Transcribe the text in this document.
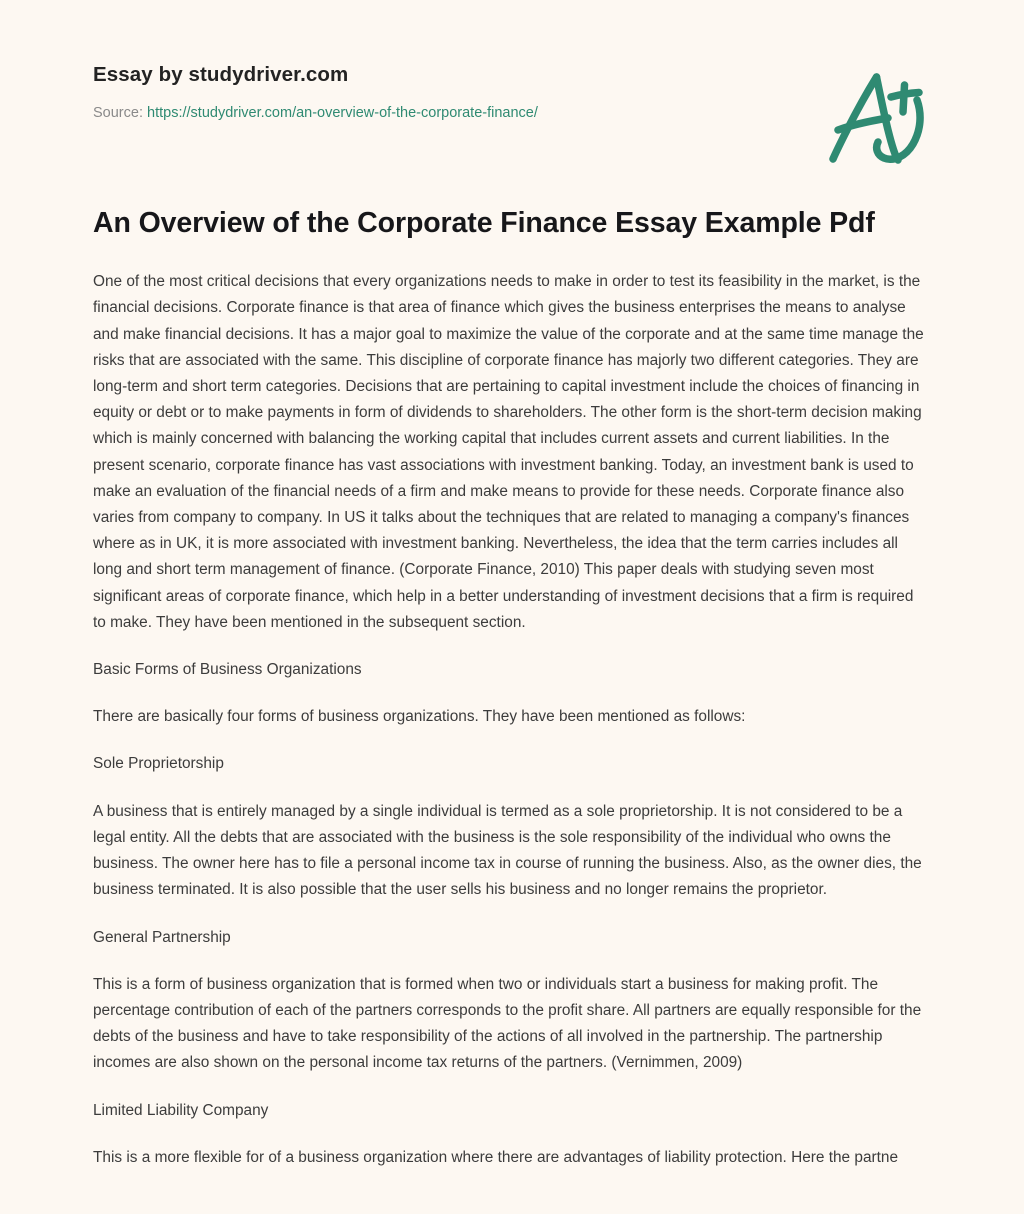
Essay by studydriver.com
Source: https://studydriver.com/an-overview-of-the-corporate-finance/
An Overview of the Corporate Finance Essay Example Pdf

One of the most critical decisions that every organizations needs to make in order to test its feasibility in the market, is the financial decisions. Corporate finance is that area of finance which gives the business enterprises the means to analyse and make financial decisions. It has a major goal to maximize the value of the corporate and at the same time manage the risks that are associated with the same. This discipline of corporate finance has majorly two different categories. They are long-term and short term categories. Decisions that are pertaining to capital investment include the choices of financing in equity or debt or to make payments in form of dividends to shareholders. The other form is the short-term decision making which is mainly concerned with balancing the working capital that includes current assets and current liabilities. In the present scenario, corporate finance has vast associations with investment banking. Today, an investment bank is used to make an evaluation of the financial needs of a firm and make means to provide for these needs. Corporate finance also varies from company to company. In US it talks about the techniques that are related to managing a company's finances where as in UK, it is more associated with investment banking. Nevertheless, the idea that the term carries includes all long and short term management of finance. (Corporate Finance, 2010) This paper deals with studying seven most significant areas of corporate finance, which help in a better understanding of investment decisions that a firm is required to make. They have been mentioned in the subsequent section.

Basic Forms of Business Organizations

There are basically four forms of business organizations. They have been mentioned as follows:

Sole Proprietorship

A business that is entirely managed by a single individual is termed as a sole proprietorship. It is not considered to be a legal entity. All the debts that are associated with the business is the sole responsibility of the individual who owns the business. The owner here has to file a personal income tax in course of running the business. Also, as the owner dies, the business terminated. It is also possible that the user sells his business and no longer remains the proprietor.

General Partnership

This is a form of business organization that is formed when two or individuals start a business for making profit. The percentage contribution of each of the partners corresponds to the profit share. All partners are equally responsible for the debts of the business and have to take responsibility of the actions of all involved in the partnership. The partnership incomes are also shown on the personal income tax returns of the partners. (Vernimmen, 2009)

Limited Liability Company

This is a more flexible for of a business organization where there are advantages of liability protection. Here the partne
